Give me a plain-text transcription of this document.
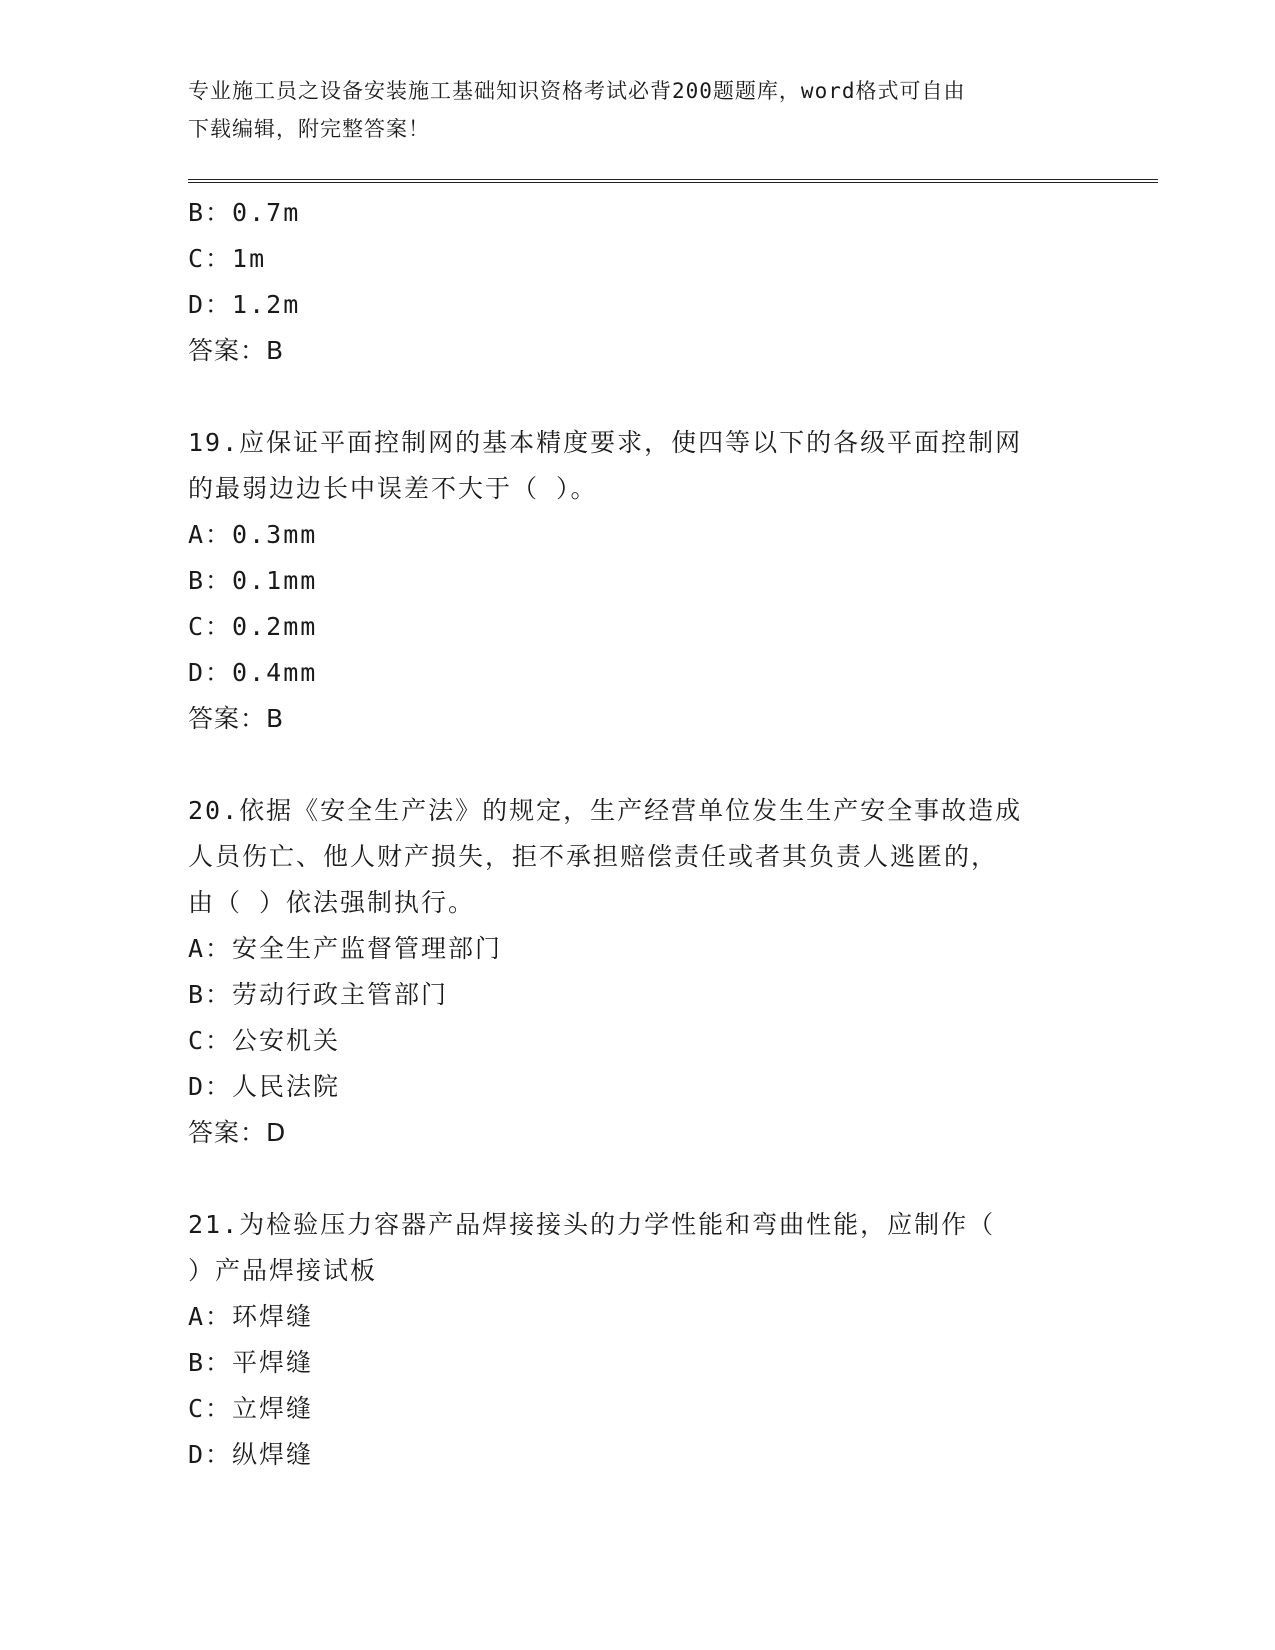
专业施工员之设备安装施工基础知识资格考试必背200题题库，word格式可自由
下载编辑，附完整答案！
B：0.7m
C：1m
D：1.2m
答案：B
19.应保证平面控制网的基本精度要求，使四等以下的各级平面控制网
的最弱边边长中误差不大于（ ）。
A：0.3mm
B：0.1mm
C：0.2mm
D：0.4mm
答案：B
20.依据《安全生产法》的规定，生产经营单位发生生产安全事故造成
人员伤亡、他人财产损失，拒不承担赔偿责任或者其负责人逃匿的，
由（ ）依法强制执行。
A：安全生产监督管理部门
B：劳动行政主管部门
C：公安机关
D：人民法院
答案：D
21.为检验压力容器产品焊接接头的力学性能和弯曲性能，应制作（
）产品焊接试板
A：环焊缝
B：平焊缝
C：立焊缝
D：纵焊缝
